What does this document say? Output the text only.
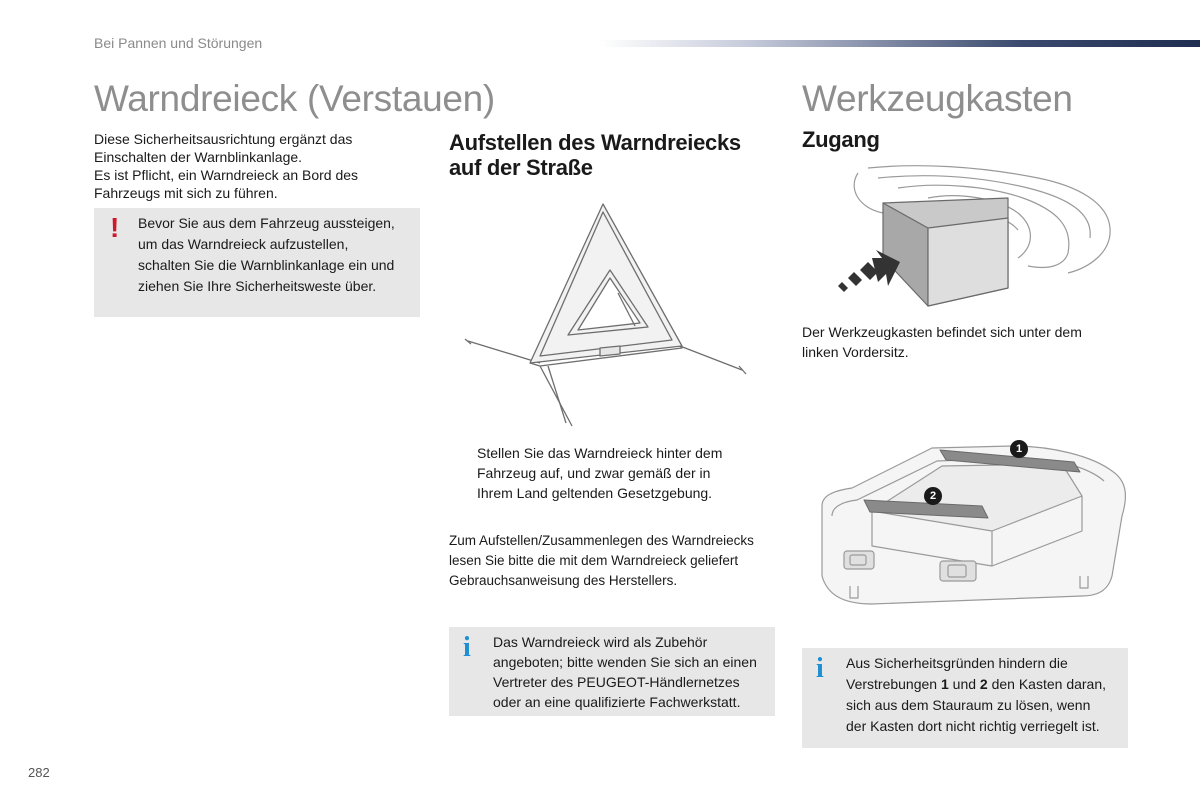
Bei Pannen und Störungen
Warndreieck (Verstauen)
Diese Sicherheitsausrichtung ergänzt das
Einschalten der Warnblinkanlage.
Es ist Pflicht, ein Warndreieck an Bord des
Fahrzeugs mit sich zu führen.
! Bevor Sie aus dem Fahrzeug aussteigen,
um das Warndreieck aufzustellen,
schalten Sie die Warnblinkanlage ein und
ziehen Sie Ihre Sicherheitsweste über.
Aufstellen des Warndreiecks
auf der Straße
Stellen Sie das Warndreieck hinter dem
Fahrzeug auf, und zwar gemäß der in
Ihrem Land geltenden Gesetzgebung.
Zum Aufstellen/Zusammenlegen des Warndreiecks
lesen Sie bitte die mit dem Warndreieck geliefert
Gebrauchsanweisung des Herstellers.
i Das Warndreieck wird als Zubehör
angeboten; bitte wenden Sie sich an einen
Vertreter des PEUGEOT-Händlernetzes
oder an eine qualifizierte Fachwerkstatt.
Werkzeugkasten
Zugang
Der Werkzeugkasten befindet sich unter dem
linken Vordersitz.
1
2
i Aus Sicherheitsgründen hindern die
Verstrebungen 1 und 2 den Kasten daran,
sich aus dem Stauraum zu lösen, wenn
der Kasten dort nicht richtig verriegelt ist.
282
